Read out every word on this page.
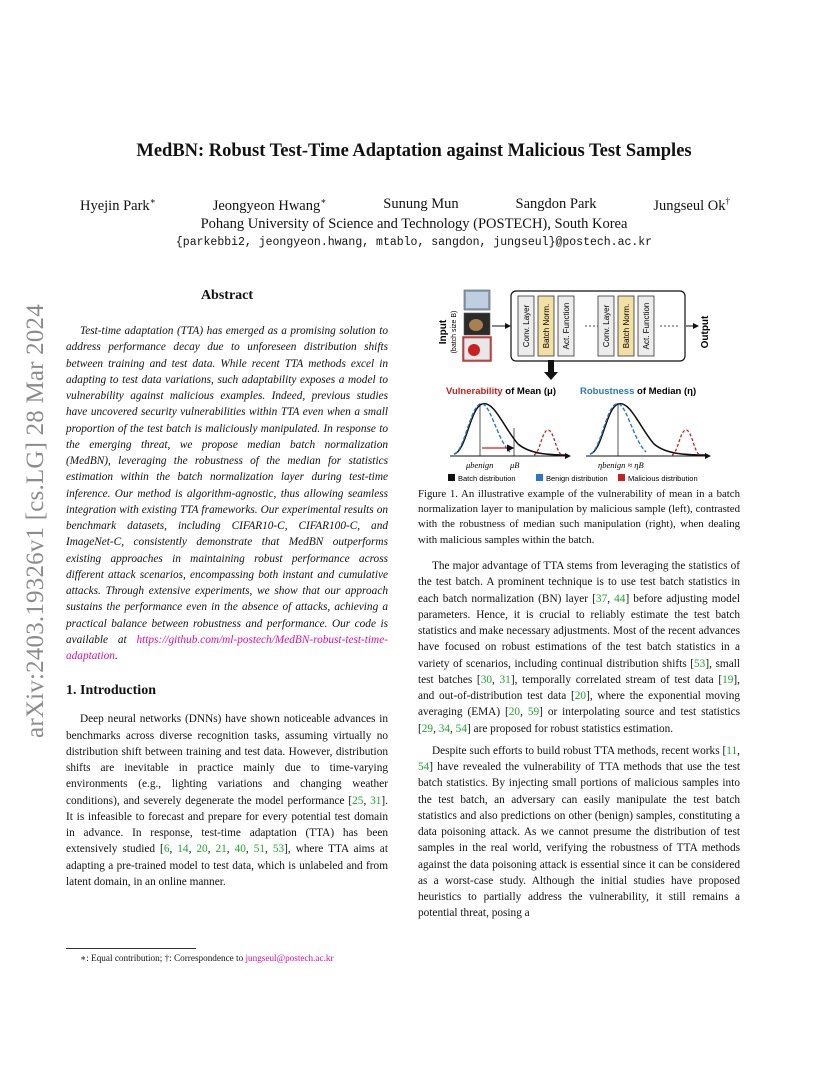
arXiv:2403.19326v1 [cs.LG] 28 Mar 2024
MedBN: Robust Test-Time Adaptation against Malicious Test Samples
Hyejin Park∗	Jeongyeon Hwang∗	Sunung Mun	Sangdon Park	Jungseul Ok†
Pohang University of Science and Technology (POSTECH), South Korea
{parkebbi2, jeongyeon.hwang, mtablo, sangdon, jungseul}@postech.ac.kr
Abstract

Test-time adaptation (TTA) has emerged as a promising solution to address performance decay due to unforeseen distribution shifts between training and test data. While recent TTA methods excel in adapting to test data variations, such adaptability exposes a model to vulnerability against malicious examples. Indeed, previous studies have uncovered security vulnerabilities within TTA even when a small proportion of the test batch is maliciously manipulated. In response to the emerging threat, we propose median batch normalization (MedBN), leveraging the robustness of the median for statistics estimation within the batch normalization layer during test-time inference. Our method is algorithm-agnostic, thus allowing seamless integration with existing TTA frameworks. Our experimental results on benchmark datasets, including CIFAR10-C, CIFAR100-C, and ImageNet-C, consistently demonstrate that MedBN outperforms existing approaches in maintaining robust performance across different attack scenarios, encompassing both instant and cumulative attacks. Through extensive experiments, we show that our approach sustains the performance even in the absence of attacks, achieving a practical balance between robustness and performance. Our code is available at https://github.com/ml-postech/MedBN-robust-test-time-adaptation.

1. Introduction

Deep neural networks (DNNs) have shown noticeable advances in benchmarks across diverse recognition tasks, assuming virtually no distribution shift between training and test data. However, distribution shifts are inevitable in practice mainly due to time-varying environments (e.g., lighting variations and changing weather conditions), and severely degenerate the model performance [25, 31]. It is infeasible to forecast and prepare for every potential test domain in advance. In response, test-time adaptation (TTA) has been extensively studied [6, 14, 20, 21, 40, 51, 53], where TTA aims at adapting a pre-trained model to test data, which is unlabeled and from latent domain, in an online manner.

∗: Equal contribution; †: Correspondence to jungseul@postech.ac.kr
Input (batch size B)	Conv. Layer Batch Norm. Act. Function	Conv. Layer Batch Norm. Act. Function	Output
Vulnerability of Mean (μ)	Robustness of Median (η)
μbenign μB	ηbenign ≈ ηB
Batch distribution	Benign distribution	Malicious distribution

Figure 1. An illustrative example of the vulnerability of mean in a batch normalization layer to manipulation by malicious sample (left), contrasted with the robustness of median such manipulation (right), when dealing with malicious samples within the batch.

The major advantage of TTA stems from leveraging the statistics of the test batch. A prominent technique is to use test batch statistics in each batch normalization (BN) layer [37, 44] before adjusting model parameters. Hence, it is crucial to reliably estimate the test batch statistics and make necessary adjustments. Most of the recent advances have focused on robust estimations of the test batch statistics in a variety of scenarios, including continual distribution shifts [53], small test batches [30, 31], temporally correlated stream of test data [19], and out-of-distribution test data [20], where the exponential moving averaging (EMA) [20, 59] or interpolating source and test statistics [29, 34, 54] are proposed for robust statistics estimation.

Despite such efforts to build robust TTA methods, recent works [11, 54] have revealed the vulnerability of TTA methods that use the test batch statistics. By injecting small portions of malicious samples into the test batch, an adversary can easily manipulate the test batch statistics and also predictions on other (benign) samples, constituting a data poisoning attack. As we cannot presume the distribution of test samples in the real world, verifying the robustness of TTA methods against the data poisoning attack is essential since it can be considered as a worst-case study. Although the initial studies have proposed heuristics to partially address the vulnerability, it still remains a potential threat, posing a
